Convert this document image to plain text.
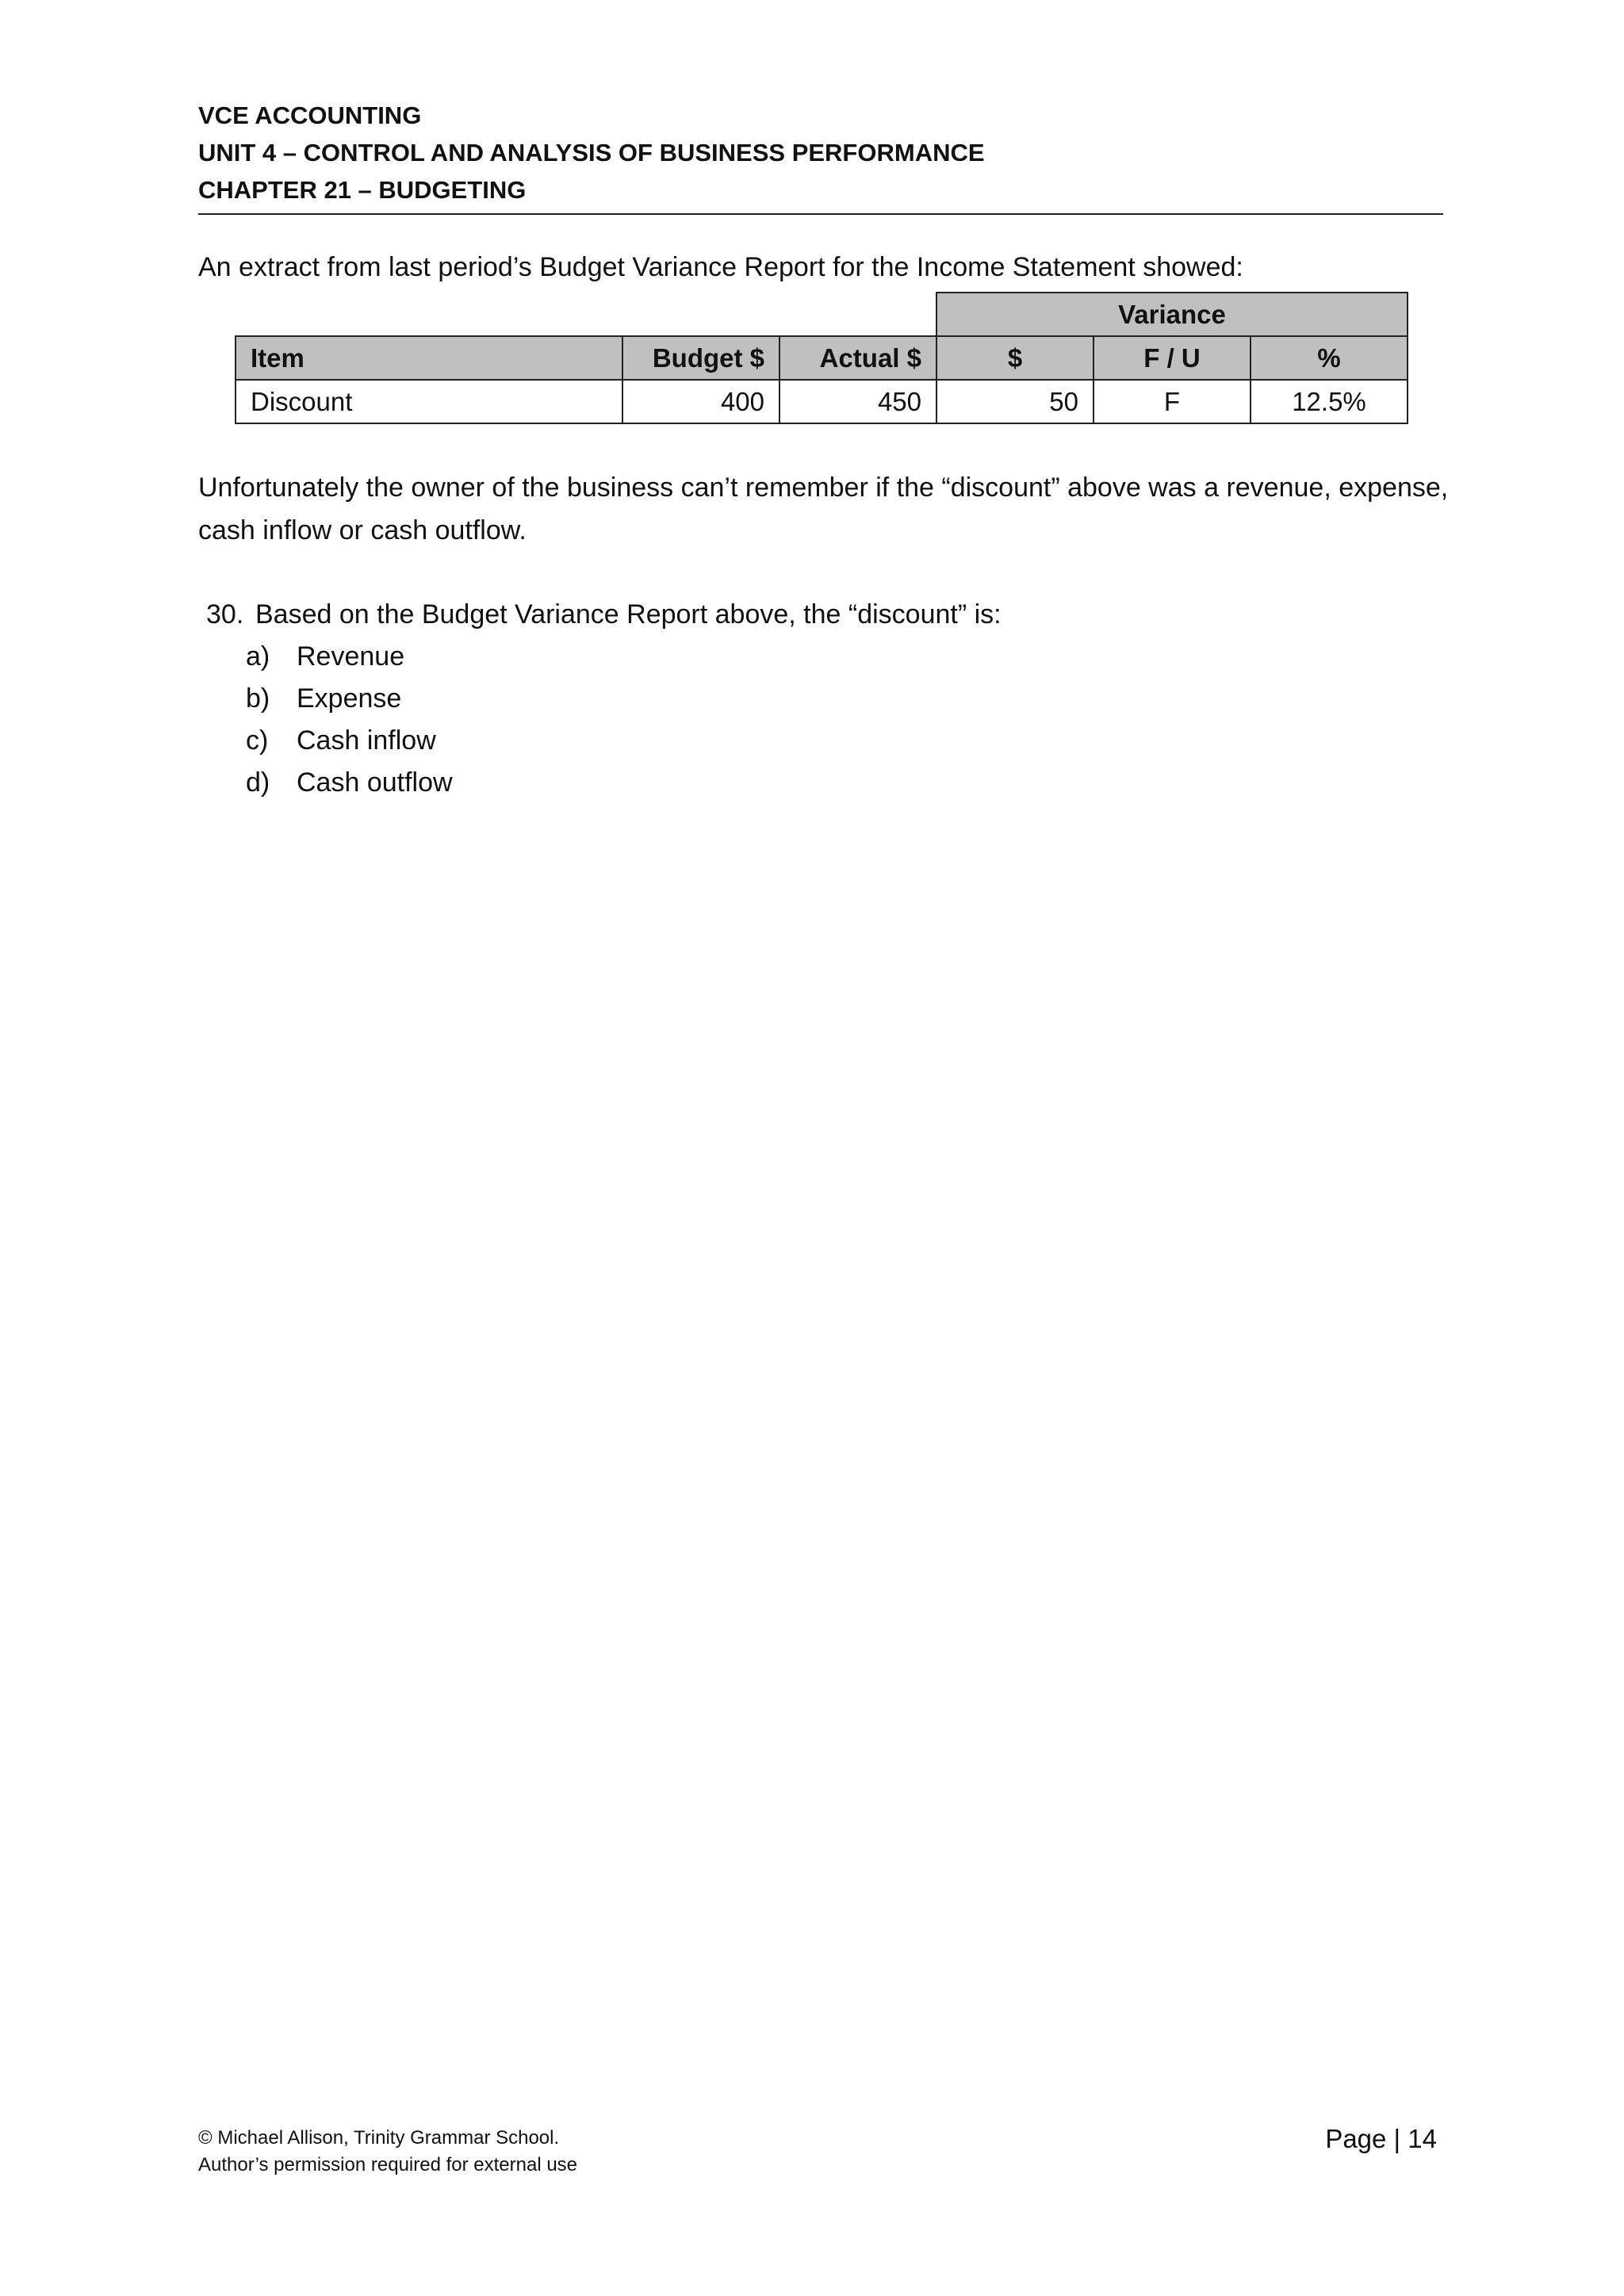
VCE ACCOUNTING
UNIT 4 – CONTROL AND ANALYSIS OF BUSINESS PERFORMANCE
CHAPTER 21 – BUDGETING
An extract from last period’s Budget Variance Report for the Income Statement showed:
			Variance		
Item	Budget $	Actual $	$	F / U	%
Discount	400	450	50	F	12.5%
Unfortunately the owner of the business can’t remember if the “discount” above was a revenue, expense, cash inflow or cash outflow.
30. Based on the Budget Variance Report above, the “discount” is:
a) Revenue
b) Expense
c)	Cash inflow
d) Cash outflow
© Michael Allison, Trinity Grammar School.
Author’s permission required for external use
Page | 14
